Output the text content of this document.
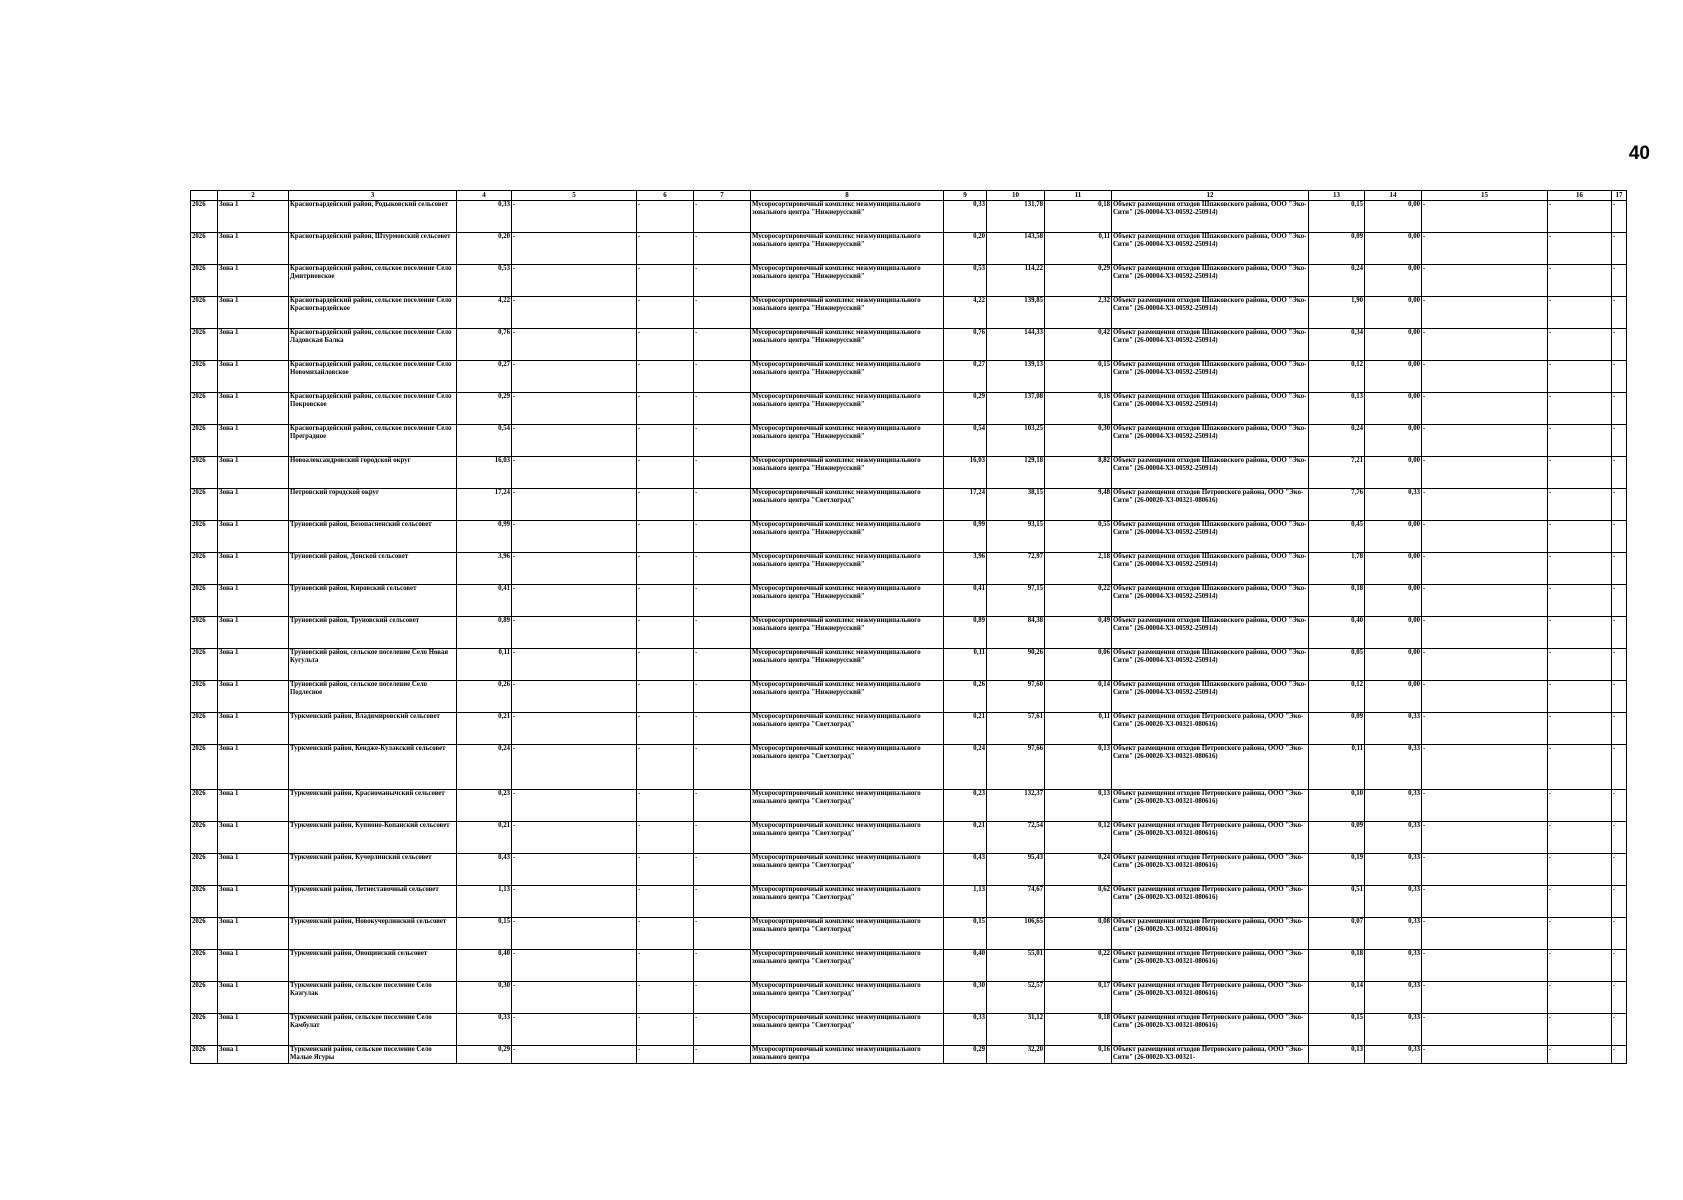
40
	2	3	4	5	6	7	8	9	10	11	12	13	14	15	16	17
2026	Зона 1	Красногвардейский район, Родыковский сельсовет	0,33	-	-	-	Мусоросортировочный комплекс межмуниципального зонального центра "Нижнерусский"	0,33	131,78	0,18	Объект размещения отходов Шпаковского района, ООО "Эко-Сити" (26-00004-Х3-00592-250914)	0,15	0,00	-	-	-
2026	Зона 1	Красногвардейский район, Штурмовский сельсовет	0,20	-	-	-	Мусоросортировочный комплекс межмуниципального зонального центра "Нижнерусский"	0,20	143,58	0,11	Объект размещения отходов Шпаковского района, ООО "Эко-Сити" (26-00004-Х3-00592-250914)	0,09	0,00	-	-	-
2026	Зона 1	Красногвардейский район, сельское поселение Село Дмитриевское	0,53	-	-	-	Мусоросортировочный комплекс межмуниципального зонального центра "Нижнерусский"	0,53	114,22	0,29	Объект размещения отходов Шпаковского района, ООО "Эко-Сити" (26-00004-Х3-00592-250914)	0,24	0,00	-	-	-
2026	Зона 1	Красногвардейский район, сельское поселение Село Красногвардейское	4,22	-	-	-	Мусоросортировочный комплекс межмуниципального зонального центра "Нижнерусский"	4,22	139,85	2,32	Объект размещения отходов Шпаковского района, ООО "Эко-Сити" (26-00004-Х3-00592-250914)	1,90	0,00	-	-	-
2026	Зона 1	Красногвардейский район, сельское поселение Село Ладовская Балка	0,76	-	-	-	Мусоросортировочный комплекс межмуниципального зонального центра "Нижнерусский"	0,76	144,33	0,42	Объект размещения отходов Шпаковского района, ООО "Эко-Сити" (26-00004-Х3-00592-250914)	0,34	0,00	-	-	-
2026	Зона 1	Красногвардейский район, сельское поселение Село Новомихайловское	0,27	-	-	-	Мусоросортировочный комплекс межмуниципального зонального центра "Нижнерусский"	0,27	139,13	0,15	Объект размещения отходов Шпаковского района, ООО "Эко-Сити" (26-00004-Х3-00592-250914)	0,12	0,00	-	-	-
2026	Зона 1	Красногвардейский район, сельское поселение Село Покровское	0,29	-	-	-	Мусоросортировочный комплекс межмуниципального зонального центра "Нижнерусский"	0,29	137,08	0,16	Объект размещения отходов Шпаковского района, ООО "Эко-Сити" (26-00004-Х3-00592-250914)	0,13	0,00	-	-	-
2026	Зона 1	Красногвардейский район, сельское поселение Село Преградное	0,54	-	-	-	Мусоросортировочный комплекс межмуниципального зонального центра "Нижнерусский"	0,54	103,25	0,30	Объект размещения отходов Шпаковского района, ООО "Эко-Сити" (26-00004-Х3-00592-250914)	0,24	0,00	-	-	-
2026	Зона 1	Новоалександровский городской округ	16,03	-	-	-	Мусоросортировочный комплекс межмуниципального зонального центра "Нижнерусский"	16,03	129,18	8,82	Объект размещения отходов Шпаковского района, ООО "Эко-Сити" (26-00004-Х3-00592-250914)	7,21	0,00	-	-	-
2026	Зона 1	Петровский городской округ	17,24	-	-	-	Мусоросортировочный комплекс межмуниципального зонального центра "Светлоград"	17,24	38,15	9,48	Объект размещения отходов Петровского района, ООО "Эко-Сити" (26-00020-Х3-00321-080616)	7,76	0,33	-	-	-
2026	Зона 1	Труновский район, Безопасненский сельсовет	0,99	-	-	-	Мусоросортировочный комплекс межмуниципального зонального центра "Нижнерусский"	0,99	93,15	0,55	Объект размещения отходов Шпаковского района, ООО "Эко-Сити" (26-00004-Х3-00592-250914)	0,45	0,00	-	-	-
2026	Зона 1	Труновский район, Донской сельсовет	3,96	-	-	-	Мусоросортировочный комплекс межмуниципального зонального центра "Нижнерусский"	3,96	72,97	2,18	Объект размещения отходов Шпаковского района, ООО "Эко-Сити" (26-00004-Х3-00592-250914)	1,78	0,00	-	-	-
2026	Зона 1	Труновский район, Кировский сельсовет	0,41	-	-	-	Мусоросортировочный комплекс межмуниципального зонального центра "Нижнерусский"	0,41	97,15	0,22	Объект размещения отходов Шпаковского района, ООО "Эко-Сити" (26-00004-Х3-00592-250914)	0,18	0,00	-	-	-
2026	Зона 1	Труновский район, Труновский сельсовет	0,89	-	-	-	Мусоросортировочный комплекс межмуниципального зонального центра "Нижнерусский"	0,89	84,38	0,49	Объект размещения отходов Шпаковского района, ООО "Эко-Сити" (26-00004-Х3-00592-250914)	0,40	0,00	-	-	-
2026	Зона 1	Труновский район, сельское поселение Село Новая Кугульта	0,11	-	-	-	Мусоросортировочный комплекс межмуниципального зонального центра "Нижнерусский"	0,11	90,26	0,06	Объект размещения отходов Шпаковского района, ООО "Эко-Сити" (26-00004-Х3-00592-250914)	0,05	0,00	-	-	-
2026	Зона 1	Труновский район, сельское поселение Село Подлесное	0,26	-	-	-	Мусоросортировочный комплекс межмуниципального зонального центра "Нижнерусский"	0,26	97,60	0,14	Объект размещения отходов Шпаковского района, ООО "Эко-Сити" (26-00004-Х3-00592-250914)	0,12	0,00	-	-	-
2026	Зона 1	Туркменский район, Владимировский сельсовет	0,21	-	-	-	Мусоросортировочный комплекс межмуниципального зонального центра "Светлоград"	0,21	57,61	0,11	Объект размещения отходов Петровского района, ООО "Эко-Сити" (26-00020-Х3-00321-080616)	0,09	0,33	-	-	-
2026	Зона 1	Туркменский район, Кендже-Кулакский сельсовет	0,24	-	-	-	Мусоросортировочный комплекс межмуниципального зонального центра "Светлоград"	0,24	97,66	0,13	Объект размещения отходов Петровского района, ООО "Эко-Сити" (26-00020-Х3-00321-080616)	0,11	0,33	-	-	-
2026	Зона 1	Туркменский район, Красноманычский сельсовет	0,23	-	-	-	Мусоросортировочный комплекс межмуниципального зонального центра "Светлоград"	0,23	132,37	0,13	Объект размещения отходов Петровского района, ООО "Эко-Сити" (26-00020-Х3-00321-080616)	0,10	0,33	-	-	-
2026	Зона 1	Туркменский район, Купионо-Копанский сельсовет	0,21	-	-	-	Мусоросортировочный комплекс межмуниципального зонального центра "Светлоград"	0,21	72,54	0,12	Объект размещения отходов Петровского района, ООО "Эко-Сити" (26-00020-Х3-00321-080616)	0,09	0,33	-	-	-
2026	Зона 1	Туркменский район, Кучерлинский сельсовет	0,43	-	-	-	Мусоросортировочный комплекс межмуниципального зонального центра "Светлоград"	0,43	95,43	0,24	Объект размещения отходов Петровского района, ООО "Эко-Сити" (26-00020-Х3-00321-080616)	0,19	0,33	-	-	-
2026	Зона 1	Туркменский район, Летнеставочный сельсовет	1,13	-	-	-	Мусоросортировочный комплекс межмуниципального зонального центра "Светлоград"	1,13	74,67	0,62	Объект размещения отходов Петровского района, ООО "Эко-Сити" (26-00020-Х3-00321-080616)	0,51	0,33	-	-	-
2026	Зона 1	Туркменский район, Новокучерлинский сельсовет	0,15	-	-	-	Мусоросортировочный комплекс межмуниципального зонального центра "Светлоград"	0,15	106,65	0,08	Объект размещения отходов Петровского района, ООО "Эко-Сити" (26-00020-Х3-00321-080616)	0,07	0,33	-	-	-
2026	Зона 1	Туркменский район, Овощинский сельсовет	0,40	-	-	-	Мусоросортировочный комплекс межмуниципального зонального центра "Светлоград"	0,40	55,01	0,22	Объект размещения отходов Петровского района, ООО "Эко-Сити" (26-00020-Х3-00321-080616)	0,18	0,33	-	-	-
2026	Зона 1	Туркменский район, сельское поселение Село Казгулак	0,30	-	-	-	Мусоросортировочный комплекс межмуниципального зонального центра "Светлоград"	0,30	52,57	0,17	Объект размещения отходов Петровского района, ООО "Эко-Сити" (26-00020-Х3-00321-080616)	0,14	0,33	-	-	-
2026	Зона 1	Туркменский район, сельское поселение Село Камбулат	0,33	-	-	-	Мусоросортировочный комплекс межмуниципального зонального центра "Светлоград"	0,33	31,12	0,18	Объект размещения отходов Петровского района, ООО "Эко-Сити" (26-00020-Х3-00321-080616)	0,15	0,33	-	-	-
2026	Зона 1	Туркменский район, сельское поселение Село Малые Ягуры	0,29	-	-	-	Мусоросортировочный комплекс межмуниципального зонального центра	0,29	32,20	0,16	Объект размещения отходов Петровского района, ООО "Эко-Сити" (26-00020-Х3-00321-	0,13	0,33	-	-	-
